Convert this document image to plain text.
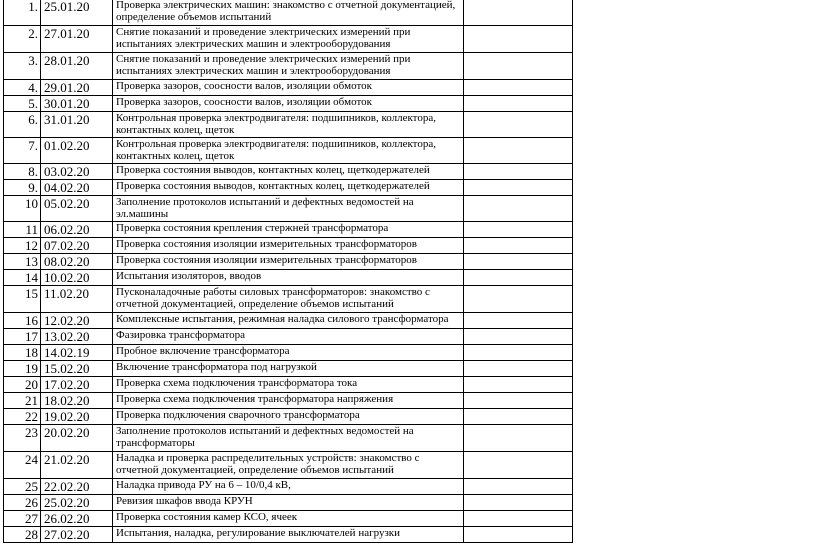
1.	25.01.20	Проверка электрических машин: знакомство с отчетной документацией, определение объемов испытаний	
2.	27.01.20	Снятие показаний и проведение электрических измерений при испытаниях электрических машин и электрооборудования	
3.	28.01.20	Снятие показаний и проведение электрических измерений при испытаниях электрических машин и электрооборудования	
4.	29.01.20	Проверка зазоров, соосности валов, изоляции обмоток	
5.	30.01.20	Проверка зазоров, соосности валов, изоляции обмоток	
6.	31.01.20	Контрольная проверка электродвигателя: подшипников, коллектора, контактных колец, щеток	
7.	01.02.20	Контрольная проверка электродвигателя: подшипников, коллектора, контактных колец, щеток	
8.	03.02.20	Проверка состояния выводов, контактных колец, щеткодержателей	
9.	04.02.20	Проверка состояния выводов, контактных колец, щеткодержателей	
10	05.02.20	Заполнение протоколов испытаний и дефектных ведомостей на эл.машины	
11	06.02.20	Проверка состояния крепления стержней трансформатора	
12	07.02.20	Проверка состояния изоляции измерительных трансформаторов	
13	08.02.20	Проверка состояния изоляции измерительных трансформаторов	
14	10.02.20	Испытания изоляторов, вводов	
15	11.02.20	Пусконаладочные работы силовых трансформаторов: знакомство с отчетной документацией, определение объемов испытаний	
16	12.02.20	Комплексные испытания, режимная наладка силового трансформатора	
17	13.02.20	Фазировка трансформатора	
18	14.02.19	Пробное включение трансформатора	
19	15.02.20	Включение трансформатора под нагрузкой	
20	17.02.20	Проверка схема подключения трансформатора тока	
21	18.02.20	Проверка схема подключения трансформатора напряжения	
22	19.02.20	Проверка подключения сварочного трансформатора	
23	20.02.20	Заполнение протоколов испытаний и дефектных ведомостей на трансформаторы	
24	21.02.20	Наладка и проверка распределительных устройств: знакомство с отчетной документацией, определение объемов испытаний	
25	22.02.20	Наладка привода РУ на 6 – 10/0,4 кВ,	
26	25.02.20	Ревизия шкафов ввода КРУН	
27	26.02.20	Проверка состояния камер КСО, ячеек	
28	27.02.20	Испытания, наладка, регулирование выключателей нагрузки	
